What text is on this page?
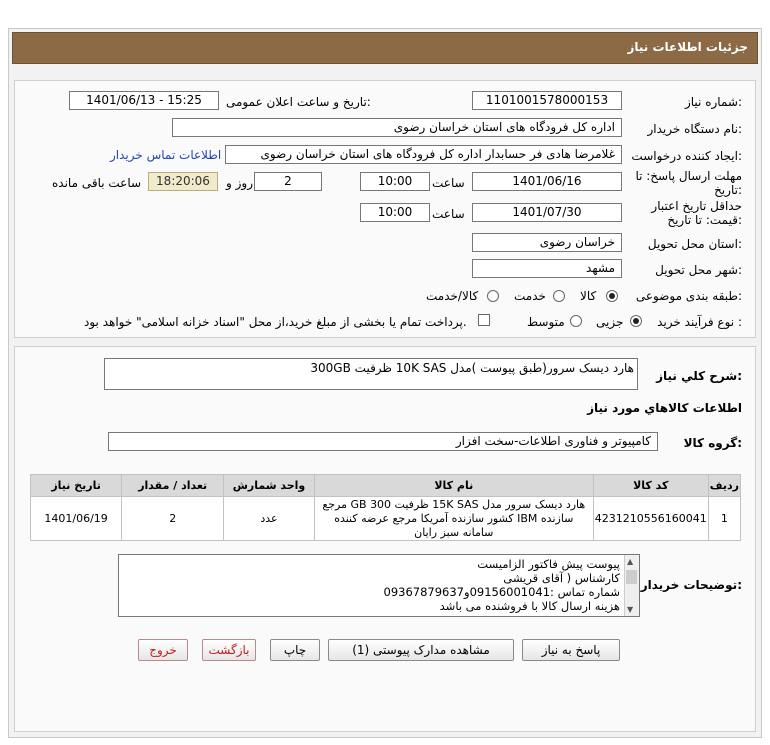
جزئیات اطلاعات نیاز
شماره نیاز:
1101001578000153
تاریخ و ساعت اعلان عمومی:
1401/06/13 - 15:25
نام دستگاه خریدار:
اداره کل فرودگاه های استان خراسان رضوی
ایجاد کننده درخواست:
غلامرضا هادی فر حسابدار اداره کل فرودگاه های استان خراسان رضوی
اطلاعات تماس خریدار
مهلت ارسال پاسخ: تا
تاریخ:
1401/06/16
ساعت
10:00
2
روز و
18:20:06
ساعت باقی مانده
حداقل تاریخ اعتبار
قیمت: تا تاریخ:
1401/07/30
ساعت
10:00
استان محل تحویل:
خراسان رضوی
شهر محل تحویل:
مشهد
طبقه بندی موضوعی:
کالا
خدمت
کالا/خدمت
نوع فرآیند خرید :
جزیی
متوسط
پرداخت تمام یا بخشی از مبلغ خرید،از محل "اسناد خزانه اسلامی" خواهد بود.
شرح کلي نياز:
هارد دیسک سرور(طبق پیوست )مدل 10K SAS ظرفیت 300GB
اطلاعات کالاهاي مورد نياز
گروه کالا:
کامپیوتر و فناوری اطلاعات-سخت افزار
تاریخ نیاز	تعداد / مقدار	واحد شمارش	نام کالا	کد کالا	ردیف
1401/06/19	2	عدد	هارد دیسک سرور مدل 15K SAS ظرفیت 300 GB مرجع سازنده IBM کشور سازنده آمریکا مرجع عرضه کننده سامانه سبز رایان	4231210556160041	1
توضیحات خریدار:
▲
▼
پیوست پیش فاکتور الزامیست
کارشناس ( آقای قریشی
شماره تماس :09156001041و09367879637
هزینه ارسال کالا با فروشنده می باشد
پاسخ به نیاز
مشاهده مدارک پیوستی (1)
چاپ
بازگشت
خروج
